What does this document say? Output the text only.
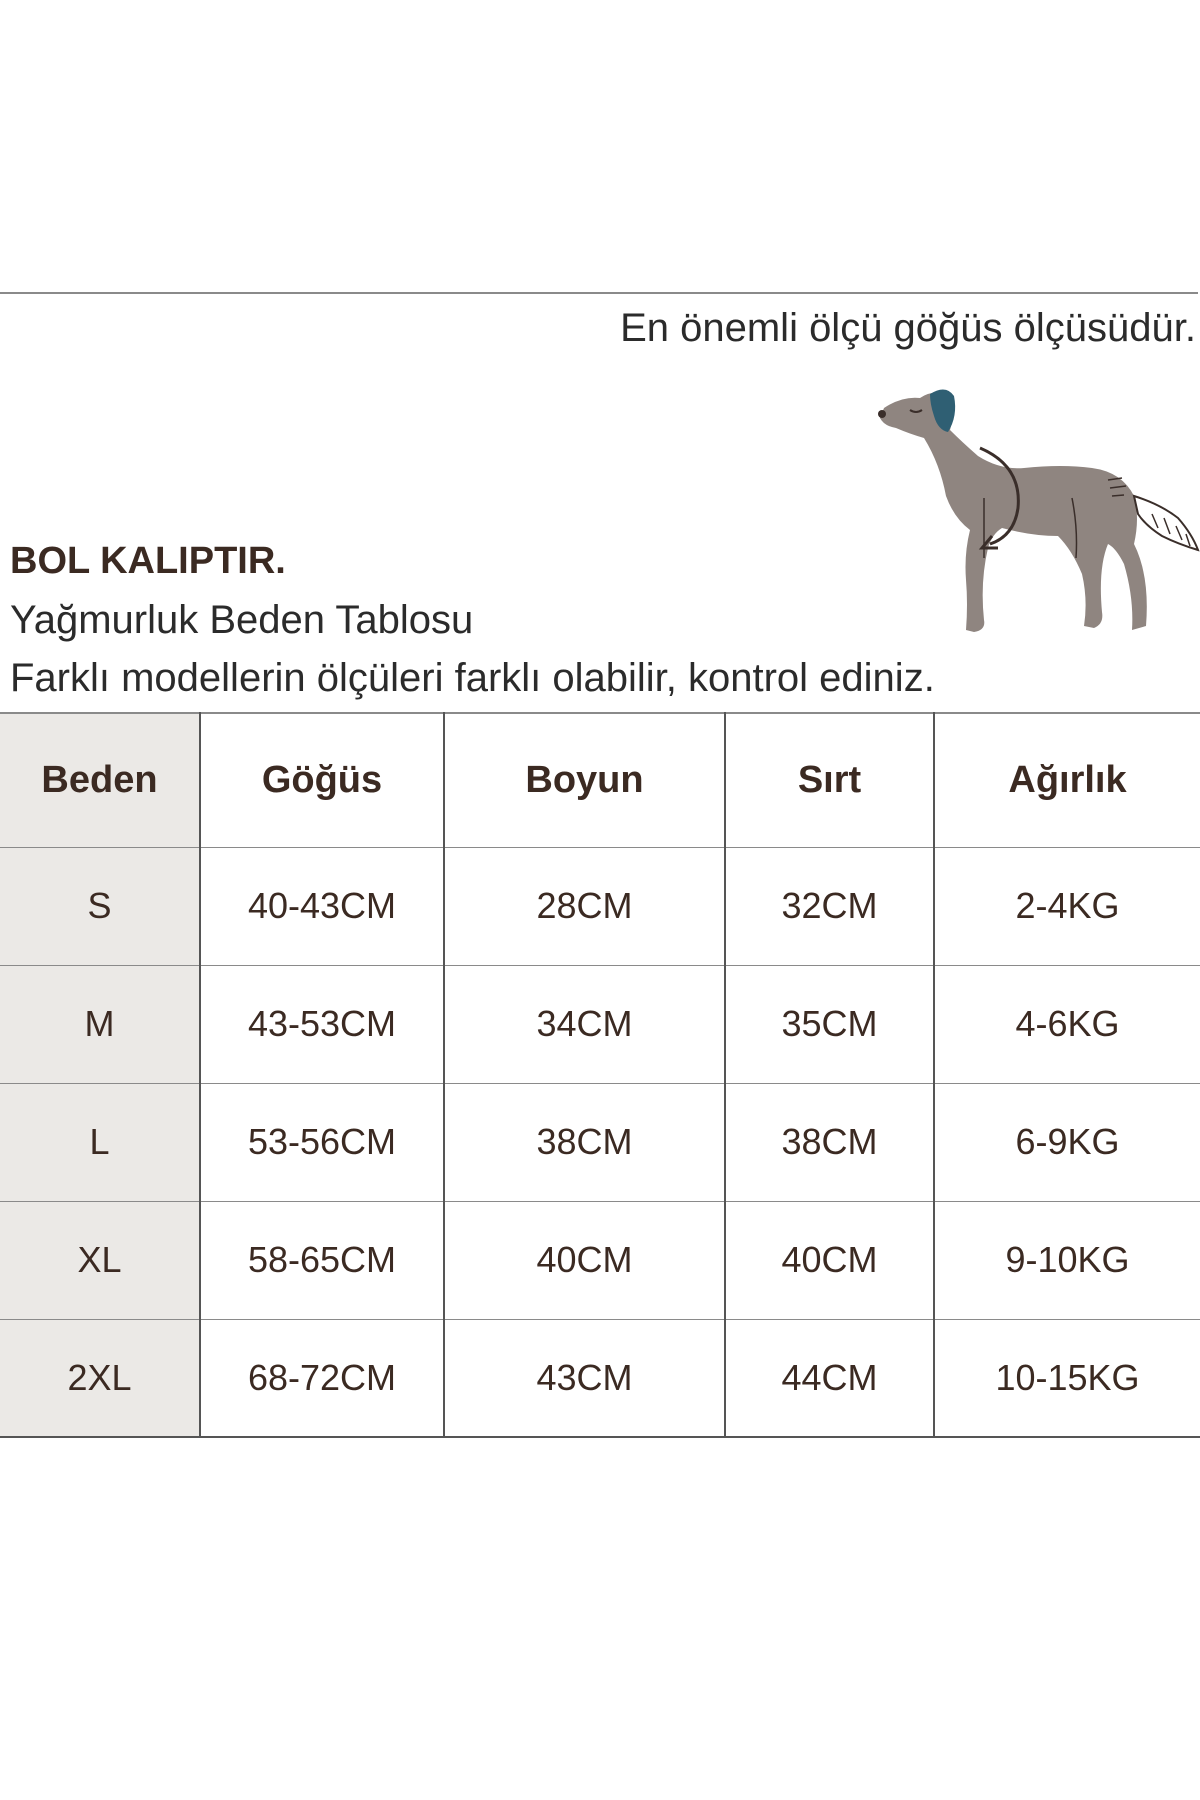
En önemli ölçü göğüs ölçüsüdür.
BOL KALIPTIR.
Yağmurluk Beden Tablosu
Farklı modellerin ölçüleri farklı olabilir, kontrol ediniz.
Beden	Göğüs	Boyun	Sırt	Ağırlık
S	40-43CM	28CM	32CM	2-4KG
M	43-53CM	34CM	35CM	4-6KG
L	53-56CM	38CM	38CM	6-9KG
XL	58-65CM	40CM	40CM	9-10KG
2XL	68-72CM	43CM	44CM	10-15KG
